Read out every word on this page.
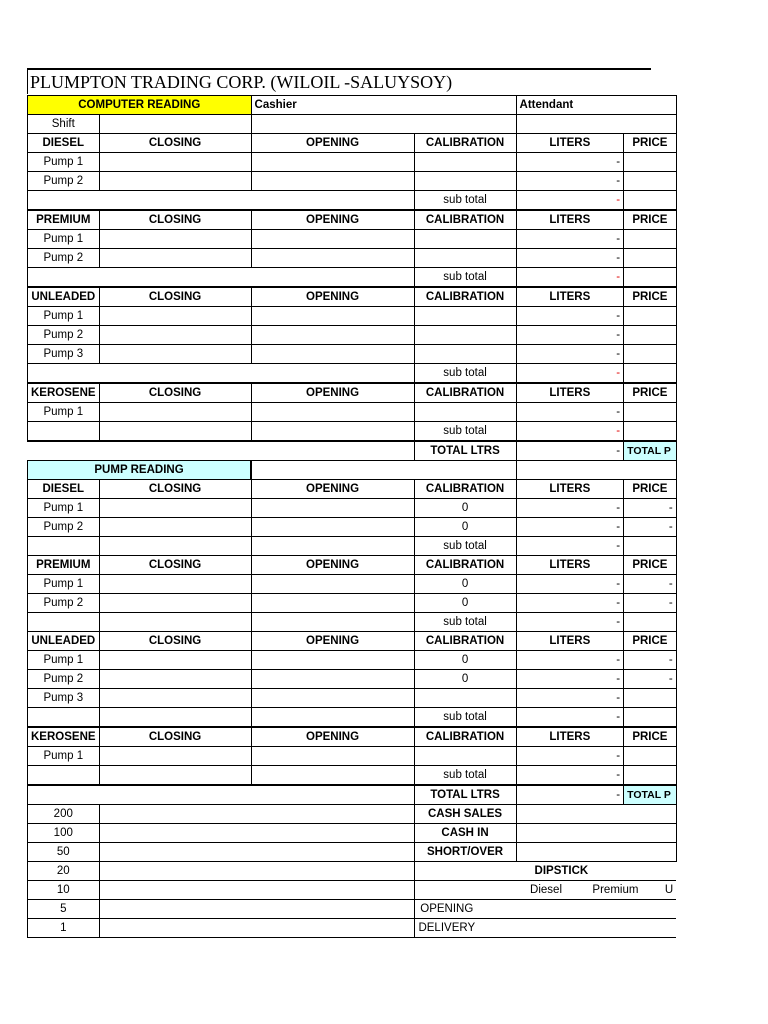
PLUMPTON TRADING CORP. (WILOIL -SALUYSOY)
COMPUTER READING		Cashier		Attendant	
Shift					
DIESEL	CLOSING	OPENING	CALIBRATION	LITERS	PRICE
Pump 1				-	
Pump 2				-	
			sub total	-	
PREMIUM	CLOSING	OPENING	CALIBRATION	LITERS	PRICE
Pump 1				-	
Pump 2				-	
			sub total	-	
UNLEADED	CLOSING	OPENING	CALIBRATION	LITERS	PRICE
Pump 1				-	
Pump 2				-	
Pump 3				-	
			sub total	-	
KEROSENE	CLOSING	OPENING	CALIBRATION	LITERS	PRICE
Pump 1				-	
			sub total	-	
			TOTAL LTRS	-	TOTAL P
PUMP READING					
DIESEL	CLOSING	OPENING	CALIBRATION	LITERS	PRICE
Pump 1			0	-	-
Pump 2			0	-	-
			sub total	-	
PREMIUM	CLOSING	OPENING	CALIBRATION	LITERS	PRICE
Pump 1			0	-	-
Pump 2			0	-	-
			sub total	-	
UNLEADED	CLOSING	OPENING	CALIBRATION	LITERS	PRICE
Pump 1			0	-	-
Pump 2			0	-	-
Pump 3				-	
			sub total	-	
KEROSENE	CLOSING	OPENING	CALIBRATION	LITERS	PRICE
Pump 1				-	
			sub total	-	
			TOTAL LTRS	-	TOTAL P
200			CASH SALES		
100			CASH IN		
50			SHORT/OVER		
20			DIPSTICK		
10				Diesel Premium U	
5			OPENING		
1			DELIVERY		
